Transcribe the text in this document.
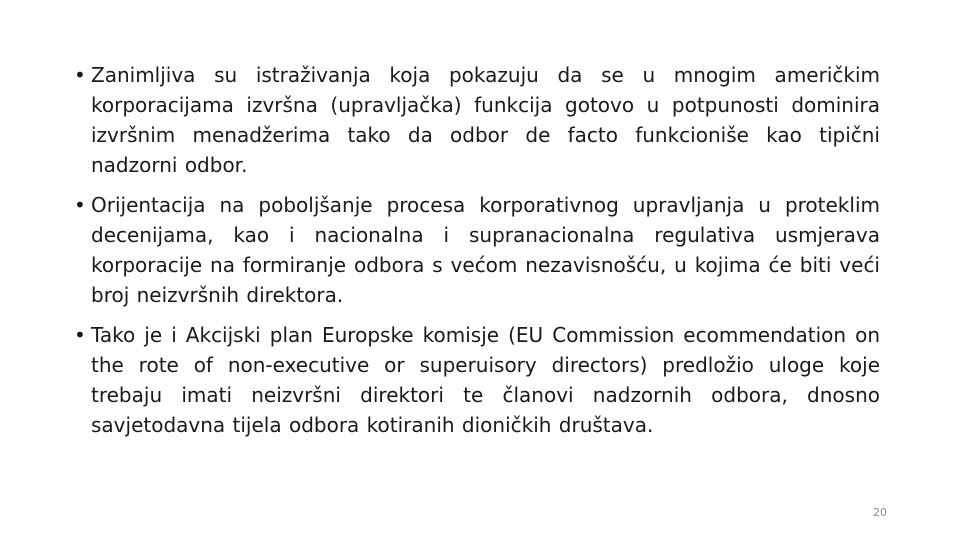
• Zanimljiva su istraživanja koja pokazuju da se u mnogim američkim korporacijama izvršna (upravljačka) funkcija gotovo u potpunosti dominira izvršnim menadžerima tako da odbor de facto funkcioniše kao tipični nadzorni odbor.

• Orijentacija na poboljšanje procesa korporativnog upravljanja u proteklim decenijama, kao i nacionalna i supranacionalna regulativa usmjerava korporacije na formiranje odbora s većom nezavisnošću, u kojima će biti veći broj neizvršnih direktora.

• Tako je i Akcijski plan Europske komisje (EU Commission ecommendation on the rote of non-executive or superuisory directors) predložio uloge koje trebaju imati neizvršni direktori te članovi nadzornih odbora, dnosno savjetodavna tijela odbora kotiranih dioničkih društava.

20
